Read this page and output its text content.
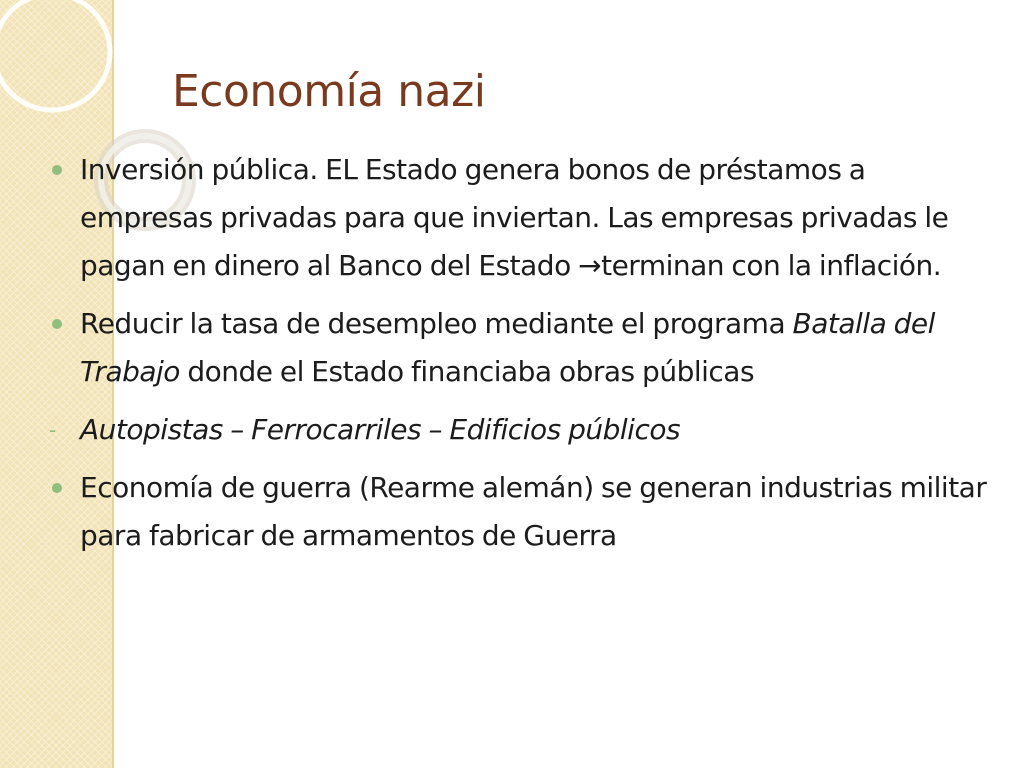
Economía nazi
Inversión pública. EL Estado genera bonos de préstamos a empresas privadas para que inviertan. Las empresas privadas le pagan en dinero al Banco del Estado →terminan con la inflación.
Reducir la tasa de desempleo mediante el programa Batalla del Trabajo donde el Estado financiaba obras públicas
- Autopistas – Ferrocarriles – Edificios públicos
Economía de guerra (Rearme alemán) se generan industrias militar para fabricar de armamentos de Guerra
